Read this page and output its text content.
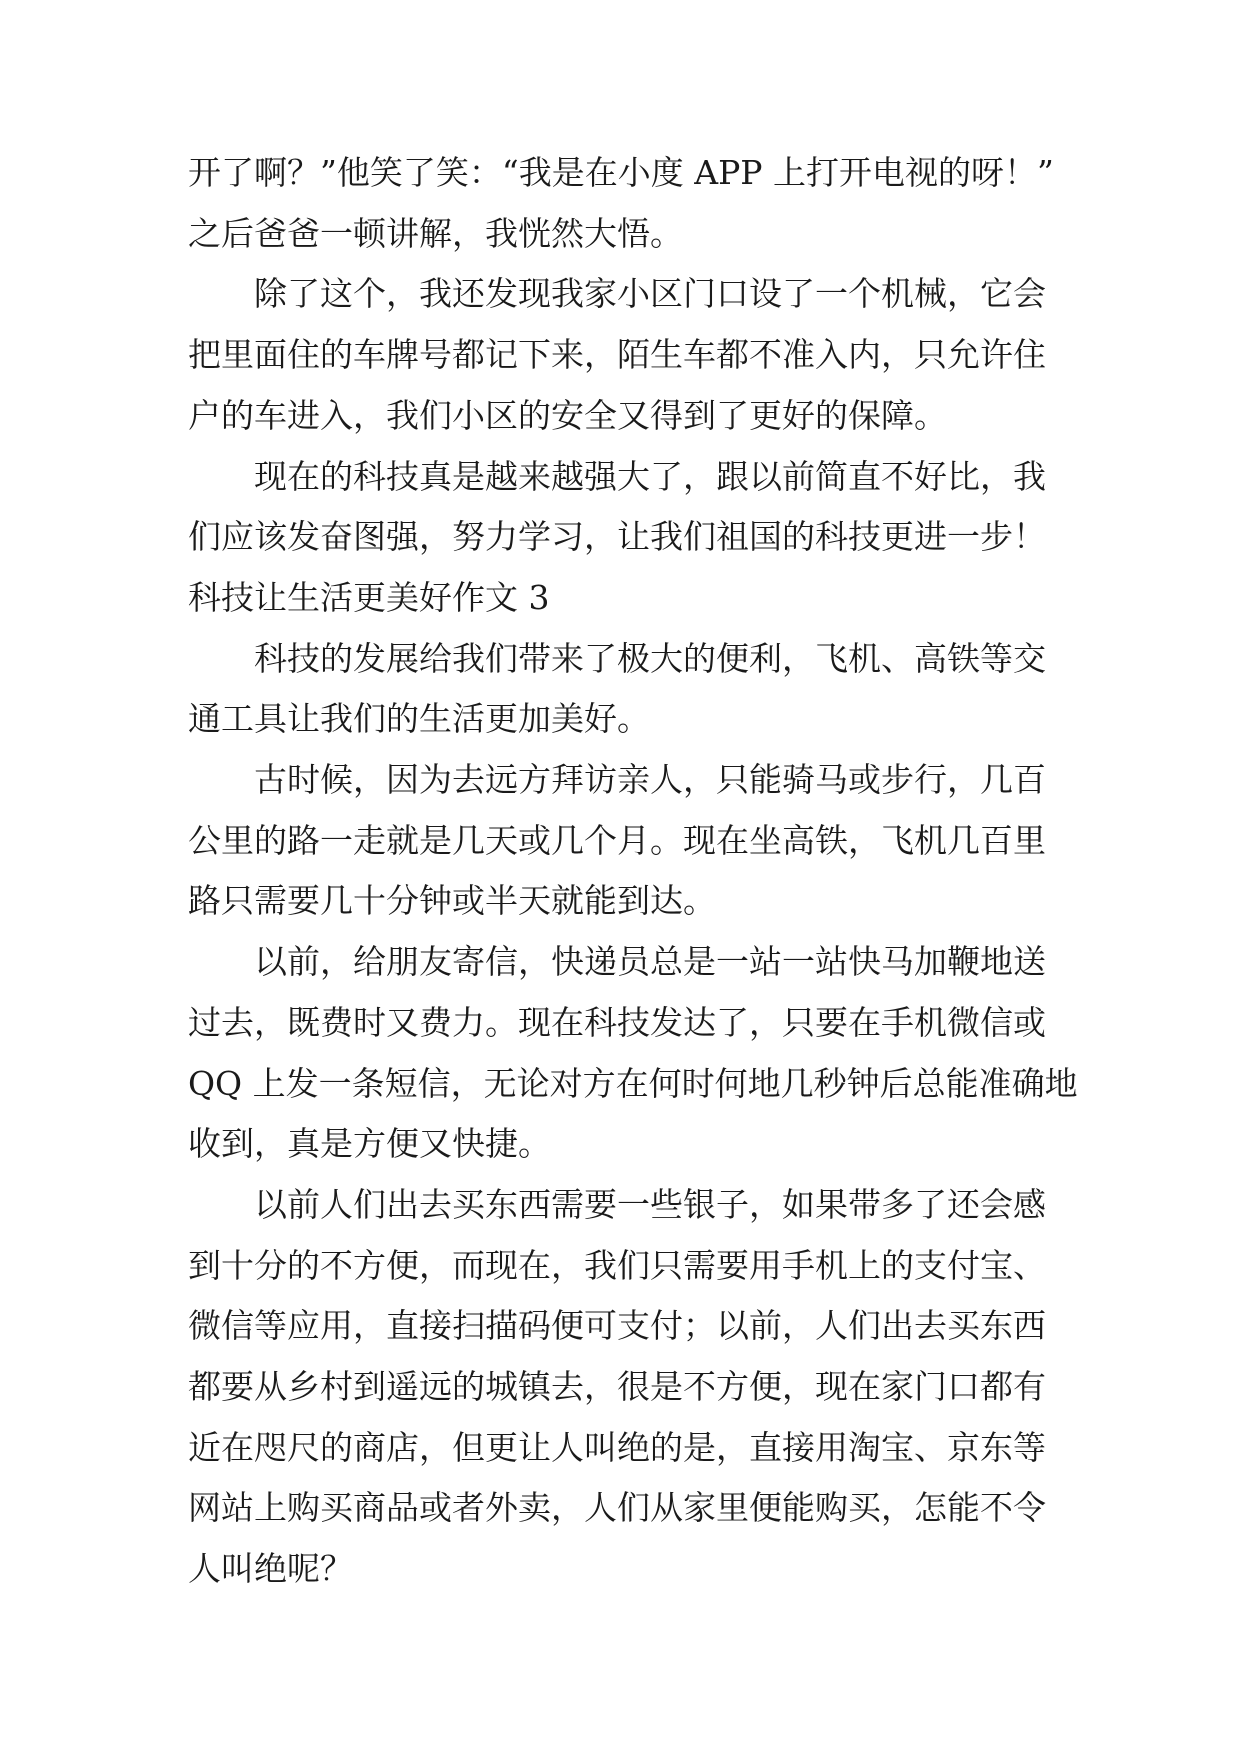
开了啊？”他笑了笑：“我是在小度 APP 上打开电视的呀！”

之后爸爸一顿讲解，我恍然大悟。

除了这个，我还发现我家小区门口设了一个机械，它会

把里面住的车牌号都记下来，陌生车都不准入内，只允许住

户的车进入，我们小区的安全又得到了更好的保障。

现在的科技真是越来越强大了，跟以前简直不好比，我

们应该发奋图强，努力学习，让我们祖国的科技更进一步！

科技让生活更美好作文 3

科技的发展给我们带来了极大的便利，飞机、高铁等交

通工具让我们的生活更加美好。

古时候，因为去远方拜访亲人，只能骑马或步行，几百

公里的路一走就是几天或几个月。现在坐高铁，飞机几百里

路只需要几十分钟或半天就能到达。

以前，给朋友寄信，快递员总是一站一站快马加鞭地送

过去，既费时又费力。现在科技发达了，只要在手机微信或

QQ 上发一条短信，无论对方在何时何地几秒钟后总能准确地

收到，真是方便又快捷。

以前人们出去买东西需要一些银子，如果带多了还会感

到十分的不方便，而现在，我们只需要用手机上的支付宝、

微信等应用，直接扫描码便可支付；以前，人们出去买东西

都要从乡村到遥远的城镇去，很是不方便，现在家门口都有

近在咫尺的商店，但更让人叫绝的是，直接用淘宝、京东等

网站上购买商品或者外卖，人们从家里便能购买，怎能不令

人叫绝呢？
